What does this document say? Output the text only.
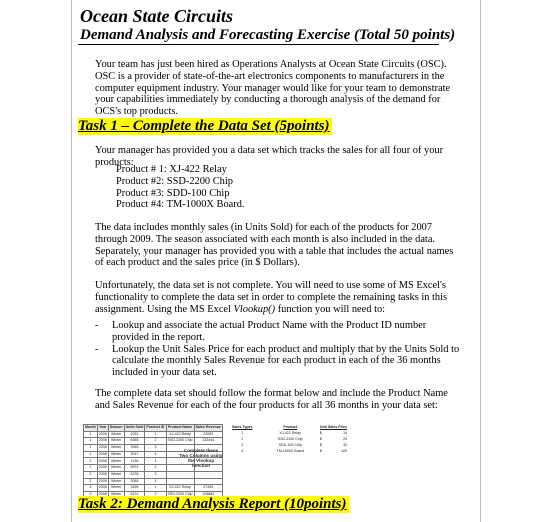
Ocean State Circuits
Demand Analysis and Forecasting Exercise (Total 50 points)

Your team has just been hired as Operations Analysts at Ocean State Circuits (OSC). OSC is a provider of state-of-the-art electronics components to manufacturers in the computer equipment industry. Your manager would like for your team to demonstrate your capabilities immediately by conducting a thorough analysis of the demand for OCS's top products.

Task 1 – Complete the Data Set (5points)

Your manager has provided you a data set which tracks the sales for all four of your products:

Product # 1: XJ-422 Relay
Product #2: SSD-2200 Chip
Product #3: SDD-100 Chip
Product #4: TM-1000X Board.

The data includes monthly sales (in Units Sold) for each of the products for 2007 through 2009. The season associated with each month is also included in the data. Separately, your manager has provided you with a table that includes the actual names of each product and the sales price (in $ Dollars).

Unfortunately, the data set is not complete. You will need to use some of MS Excel's functionality to complete the data set in order to complete the remaining tasks in this assignment. Using the MS Excel Vlookup() function you will need to:

- Lookup and associate the actual Product Name with the Product ID number provided in the report.
- Lookup the Unit Sales Price for each product and multiply that by the Units Sold to calculate the monthly Sales Revenue for each product in each of the 36 months included in your data set.

The complete data set should follow the format below and include the Product Name and Sales Revenue for each of the four products for all 36 months in your data set:

Month	Year	Season	Units Sold	Product ID	Product Name	Sales Revenue
1	2008	Winter	1051	1	XJ-422 Relay	23053
1	2008	Winter	6365	2	SSD-2200 Chip	133444
1	2008	Winter	3953	3		
1	2008	Winter	3047	4		
2	2008	Winter	1136	1		
2	2008	Winter	5974	2		
2	2008	Winter	5235	3		
2	2008	Winter	3084	4		
3	2008	Winter	1699	1	XJ-422 Relay	27495
3	2008	Winter	6131	2	SSD-2200 Chip	126684
Complete these Two Columns using the Vlookup function
Sales Types	Product	Unit Sales Price	
1	XJ-422 Relay	$	14
2	SSD-2200 Chip	$	25
3	SDD-100 Chip	$	32
4	TM-1000X Board	$	120
Task 2: Demand Analysis Report (10points)
